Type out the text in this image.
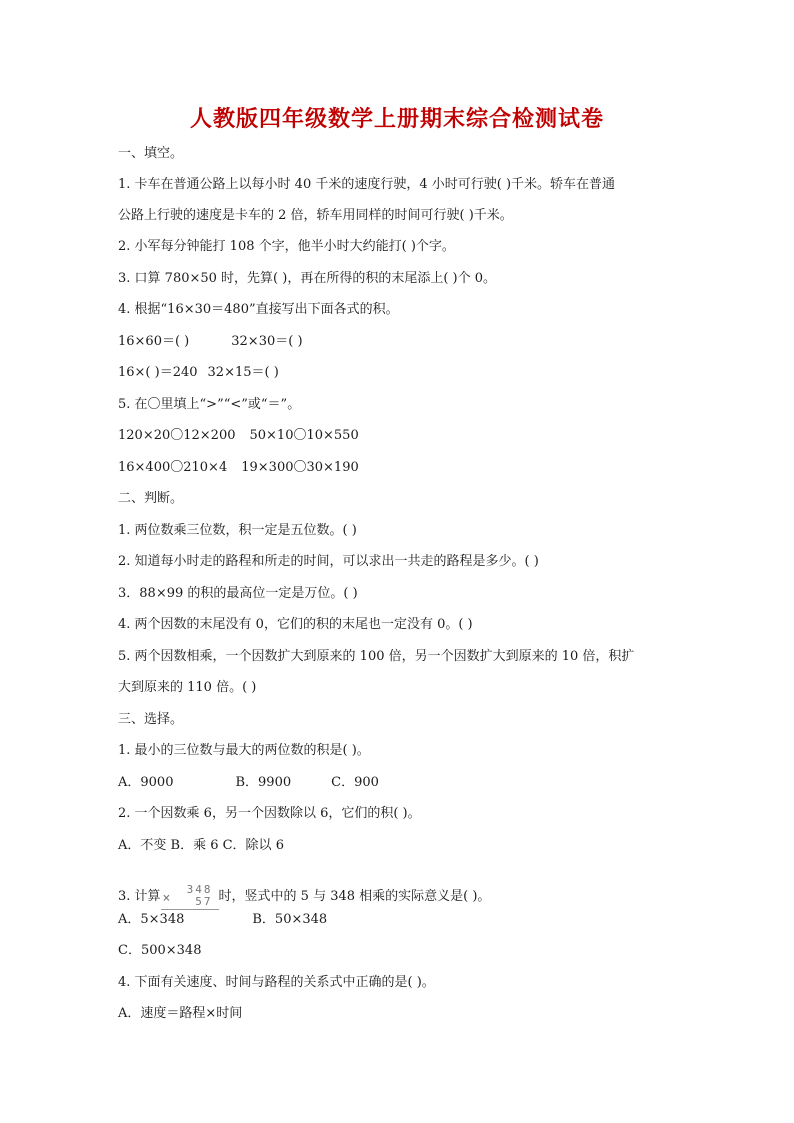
人教版四年级数学上册期末综合检测试卷
一、填空。
1. 卡车在普通公路上以每小时 40 千米的速度行驶，4 小时可行驶( )千米。轿车在普通
公路上行驶的速度是卡车的 2 倍，轿车用同样的时间可行驶( )千米。
2. 小军每分钟能打 108 个字，他半小时大约能打( )个字。
3. 口算 780×50 时，先算( )，再在所得的积的末尾添上( )个 0。
4. 根据“16×30＝480”直接写出下面各式的积。
16×60＝( )	32×30＝( )
16×( )＝240 32×15＝( )
5. 在〇里填上“>”“<”或“＝”。
120×20〇12×200 50×10〇10×550
16×400〇210×4 19×300〇30×190
二、判断。
1. 两位数乘三位数，积一定是五位数。( )
2. 知道每小时走的路程和所走的时间，可以求出一共走的路程是多少。( )
3．88×99 的积的最高位一定是万位。( )
4. 两个因数的末尾没有 0，它们的积的末尾也一定没有 0。( )
5. 两个因数相乘，一个因数扩大到原来的 100 倍，另一个因数扩大到原来的 10 倍，积扩
大到原来的 110 倍。( )
三、选择。
1. 最小的三位数与最大的两位数的积是( )。
A．9000	B．9900	C．900
2. 一个因数乘 6，另一个因数除以 6，它们的积( )。
A．不变 B．乘 6 C．除以 6
3. 计算 348
× 57 时，竖式中的 5 与 348 相乘的实际意义是( )。
A．5×348	B．50×348
C．500×348
4. 下面有关速度、时间与路程的关系式中正确的是( )。
A．速度＝路程×时间
